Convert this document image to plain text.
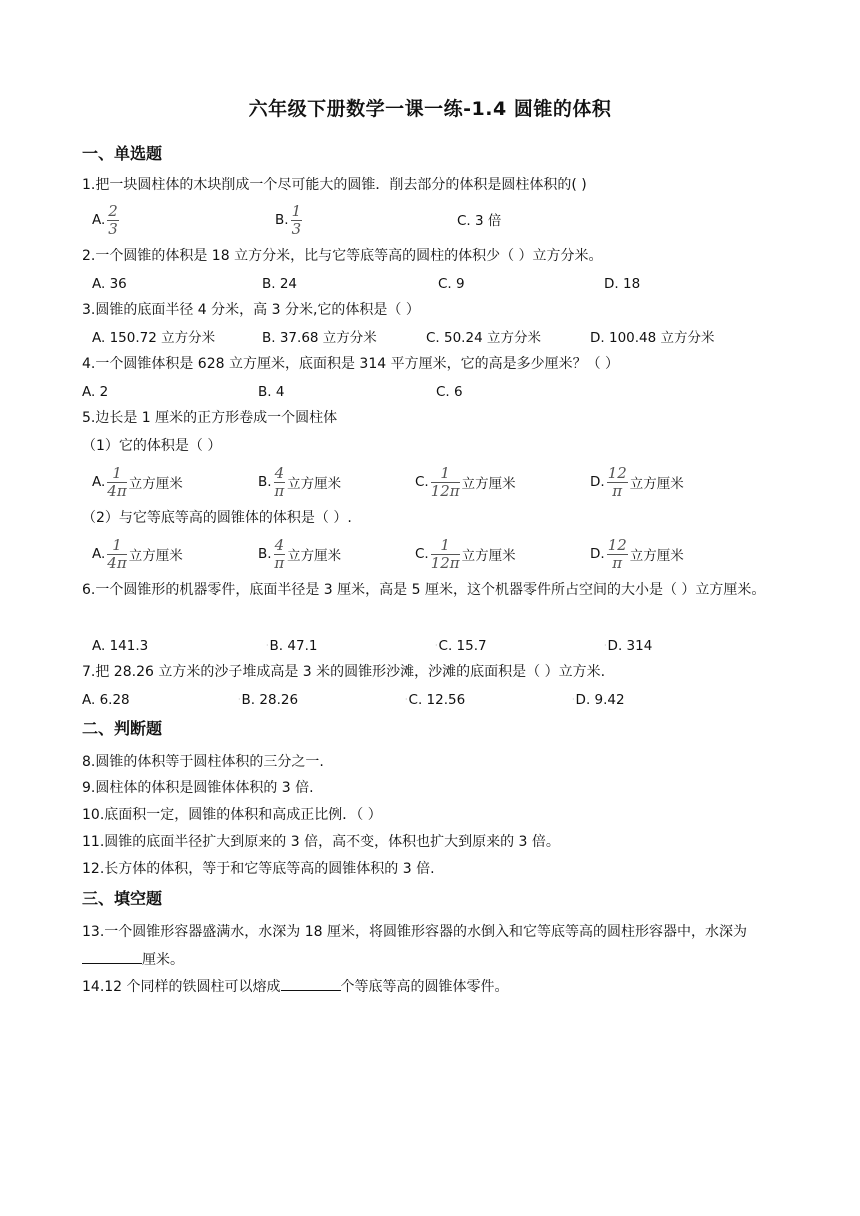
六年级下册数学一课一练-1.4 圆锥的体积
一、单选题
1.把一块圆柱体的木块削成一个尽可能大的圆锥．削去部分的体积是圆柱体积的( )
A. $\frac{2}{3}$	B. $\frac{1}{3}$	C. 3 倍
2.一个圆锥的体积是 18 立方分米，比与它等底等高的圆柱的体积少（ ）立方分米。
A. 36	B. 24	C. 9	D. 18
3.圆锥的底面半径 4 分米，高 3 分米,它的体积是（ ）
A. 150.72 立方分米	B. 37.68 立方分米	C. 50.24 立方分米	D. 100.48 立方分米
4.一个圆锥体积是 628 立方厘米，底面积是 314 平方厘米，它的高是多少厘米？（ ）
A. 2	B. 4	C. 6
5.边长是 1 厘米的正方形卷成一个圆柱体
（1）它的体积是（ ）
A. $\frac{1}{4\pi}$ 立方厘米	B. $\frac{4}{\pi}$ 立方厘米	C. $\frac{1}{12\pi}$ 立方厘米	D. $\frac{12}{\pi}$ 立方厘米
（2）与它等底等高的圆锥体的体积是（ ）.
A. $\frac{1}{4\pi}$ 立方厘米	B. $\frac{4}{\pi}$ 立方厘米	C. $\frac{1}{12\pi}$ 立方厘米	D. $\frac{12}{\pi}$ 立方厘米
6.一个圆锥形的机器零件，底面半径是 3 厘米，高是 5 厘米，这个机器零件所占空间的大小是（ ）立方厘米。
A. 141.3	·B. 47.1	·C. 15.7	·D. 314
7.把 28.26 立方米的沙子堆成高是 3 米的圆锥形沙滩，沙滩的底面积是（ ）立方米.
A. 6.28	·B. 28.26	·C. 12.56	·D. 9.42
二、判断题
8.圆锥的体积等于圆柱体积的三分之一.
9.圆柱体的体积是圆锥体体积的 3 倍.
10.底面积一定，圆锥的体积和高成正比例．（ ）
11.圆锥的底面半径扩大到原来的 3 倍，高不变，体积也扩大到原来的 3 倍。
12.长方体的体积，等于和它等底等高的圆锥体积的 3 倍.
三、填空题
13.一个圆锥形容器盛满水，水深为 18 厘米，将圆锥形容器的水倒入和它等底等高的圆柱形容器中，水深为厘米。
14.12 个同样的铁圆柱可以熔成	个等底等高的圆锥体零件。
